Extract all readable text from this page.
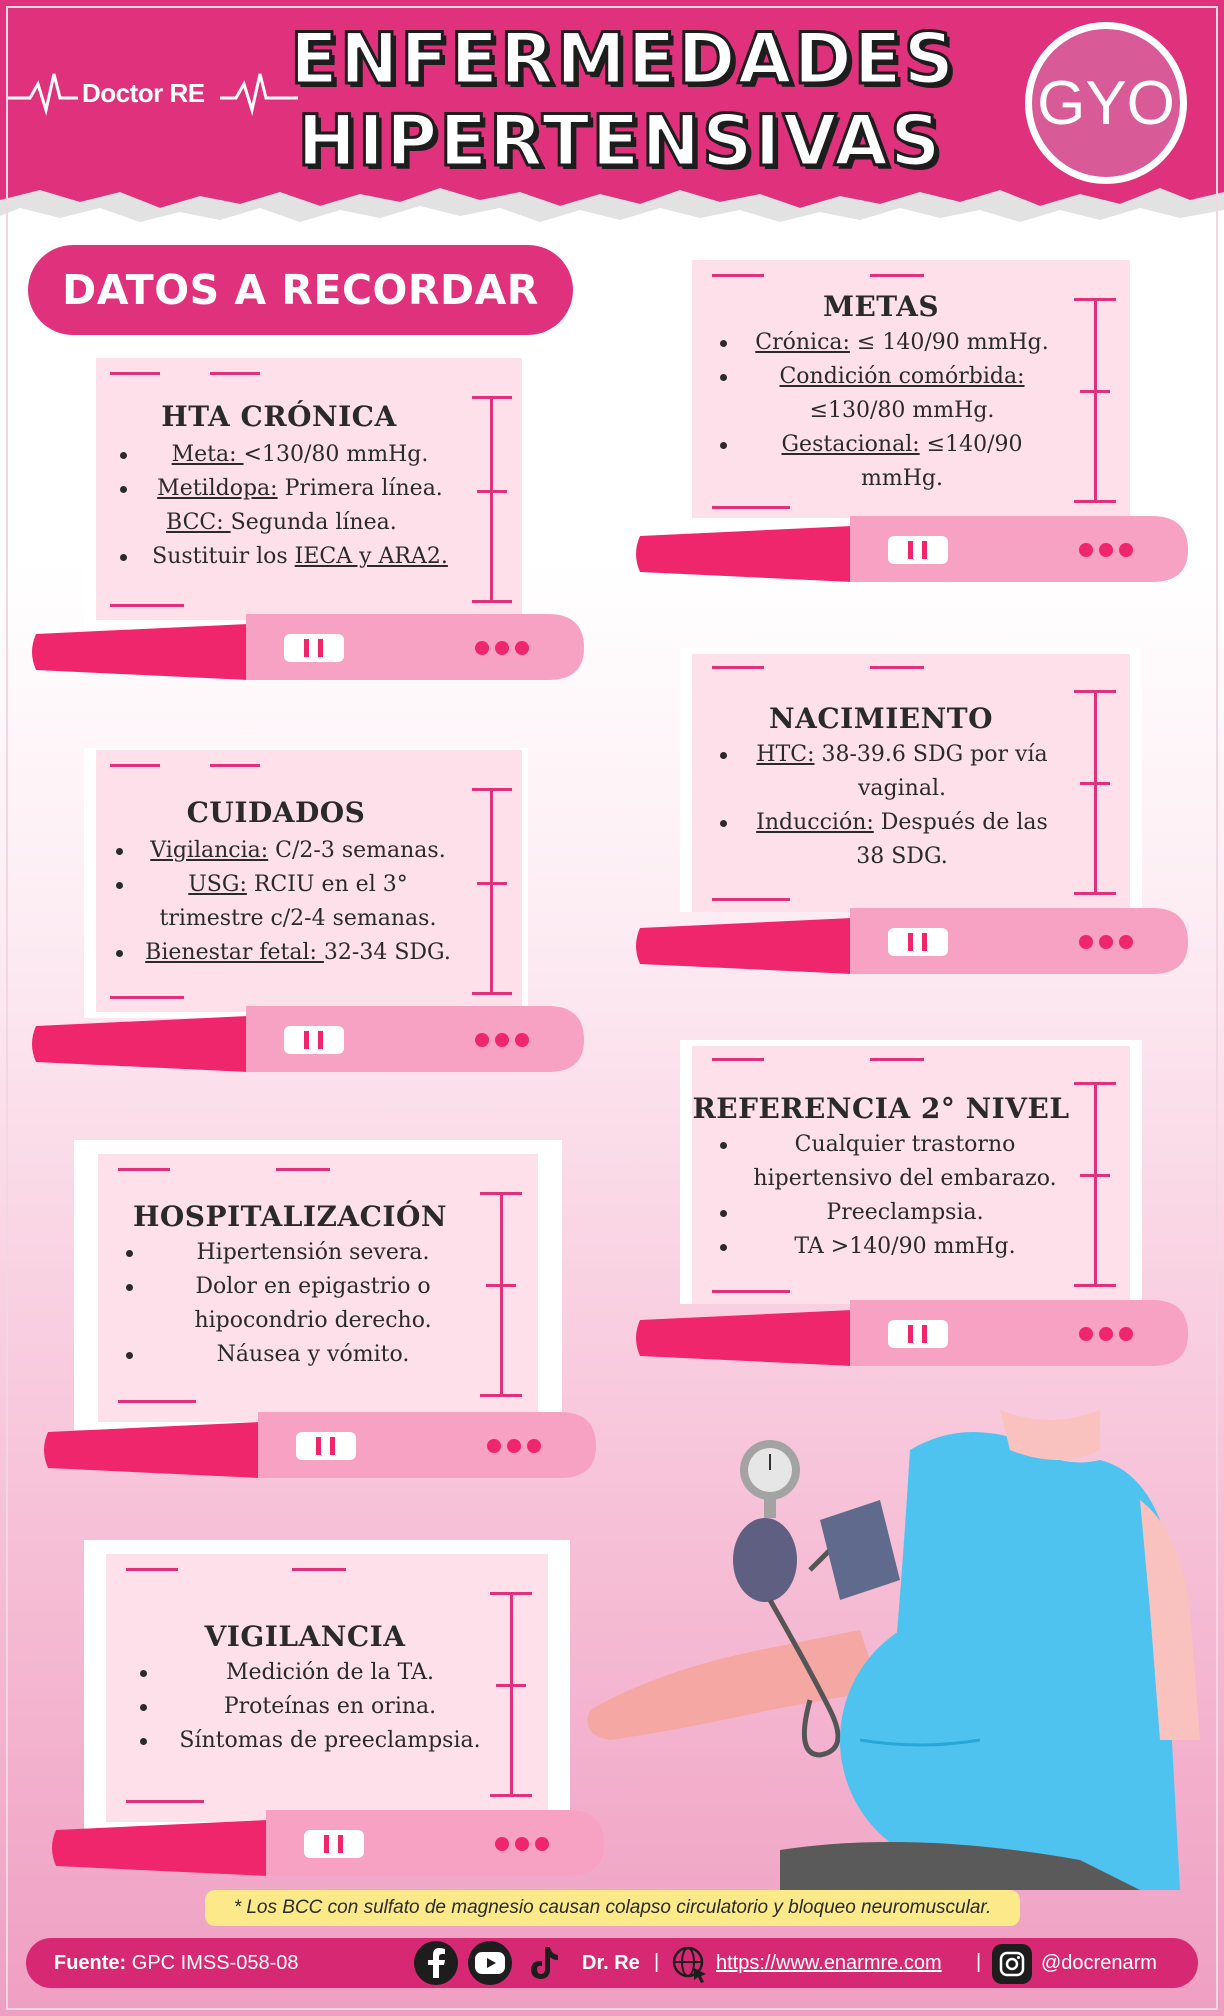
Doctor RE ENFERMEDADES
HIPERTENSIVAS GYO
DATOS A RECORDAR
HTA CRÓNICA
Meta: <130/80 mmHg.
Metildopa: Primera línea.
BCC: Segunda línea.
Sustituir los IECA y ARA2.
METAS
Crónica: ≤ 140/90 mmHg.
Condición comórbida:
≤130/80 mmHg.
Gestacional: ≤140/90
mmHg.
CUIDADOS
Vigilancia: C/2-3 semanas.
USG: RCIU en el 3°
trimestre c/2-4 semanas.
Bienestar fetal: 32-34 SDG.
NACIMIENTO
HTC: 38-39.6 SDG por vía
vaginal.
Inducción: Después de las
38 SDG.
REFERENCIA 2° NIVEL
Cualquier trastorno
hipertensivo del embarazo.
Preeclampsia.
TA >140/90 mmHg.
HOSPITALIZACIÓN
Hipertensión severa.
Dolor en epigastrio o
hipocondrio derecho.
Náusea y vómito.
VIGILANCIA
Medición de la TA.
Proteínas en orina.
Síntomas de preeclampsia.
* Los BCC con sulfato de magnesio causan colapso circulatorio y bloqueo neuromuscular.
Fuente: GPC IMSS-058-08	Dr. Re |	https://www.enarmre.com |	@docrenarm
